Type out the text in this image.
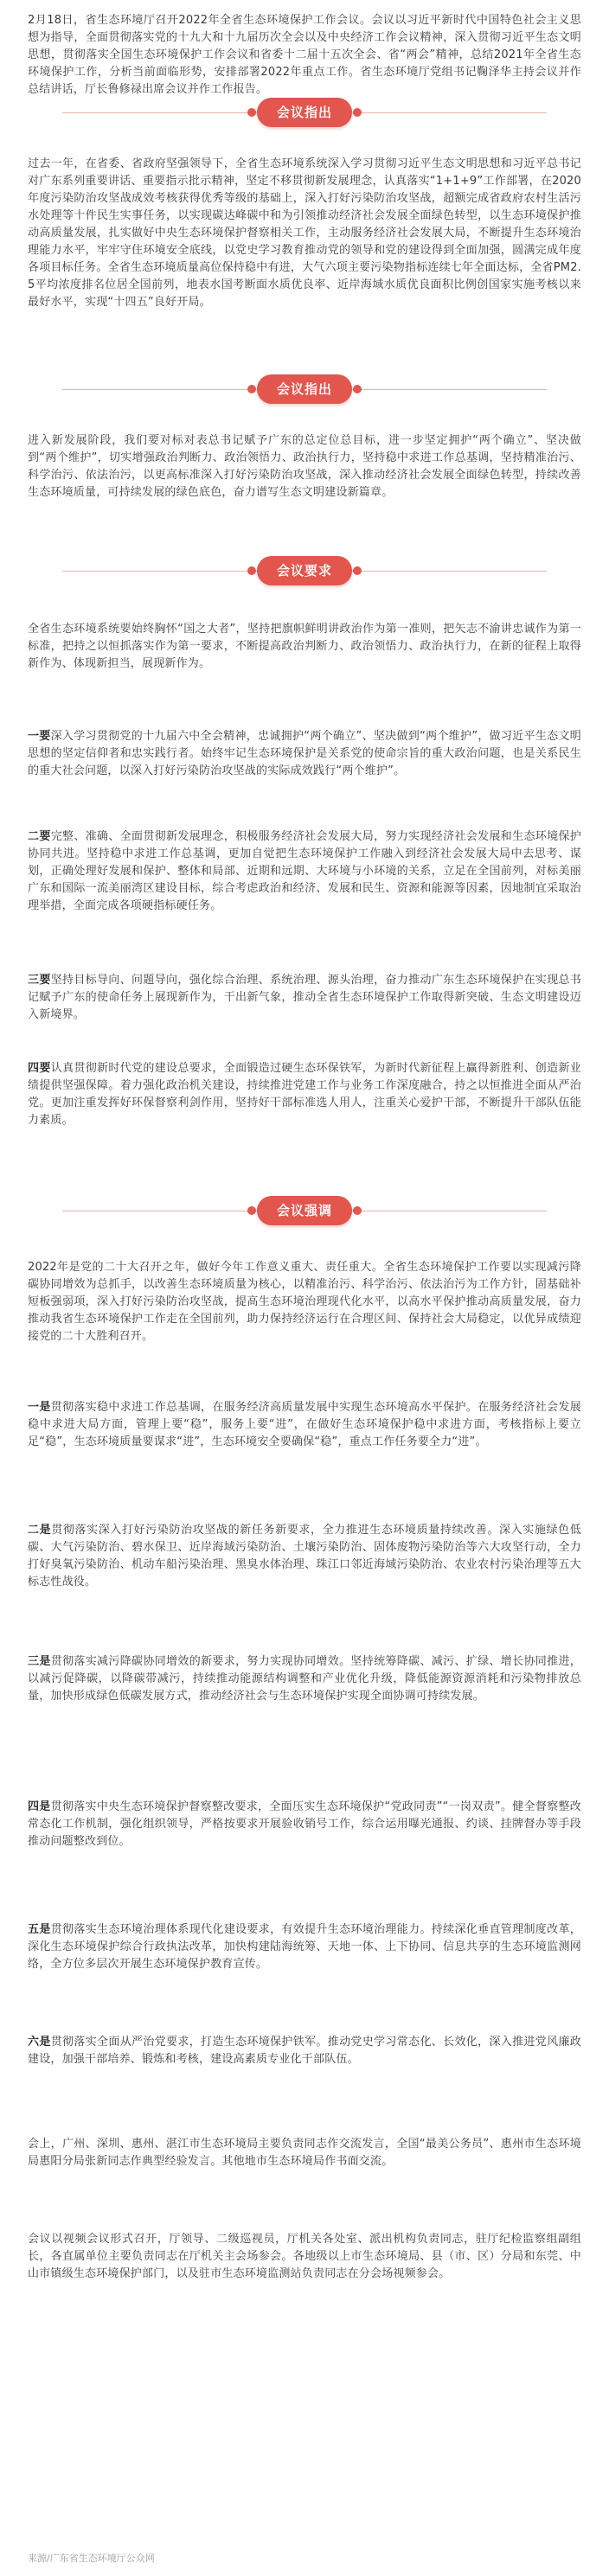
2月18日，省生态环境厅召开2022年全省生态环境保护工作会议。会议以习近平新时代中国特色社会主义思想为指导，全面贯彻落实党的十九大和十九届历次全会以及中央经济工作会议精神，深入贯彻习近平生态文明思想，贯彻落实全国生态环境保护工作会议和省委十二届十五次全会、省“两会”精神，总结2021年全省生态环境保护工作，分析当前面临形势，安排部署2022年重点工作。省生态环境厅党组书记鞠泽华主持会议并作总结讲话，厅长鲁修禄出席会议并作工作报告。

会议指出

过去一年，在省委、省政府坚强领导下，全省生态环境系统深入学习贯彻习近平生态文明思想和习近平总书记对广东系列重要讲话、重要指示批示精神，坚定不移贯彻新发展理念，认真落实“1+1+9”工作部署，在2020年度污染防治攻坚战成效考核获得优秀等级的基础上，深入打好污染防治攻坚战，超额完成省政府农村生活污水处理等十件民生实事任务，以实现碳达峰碳中和为引领推动经济社会发展全面绿色转型，以生态环境保护推动高质量发展，扎实做好中央生态环境保护督察相关工作，主动服务经济社会发展大局，不断提升生态环境治理能力水平，牢牢守住环境安全底线，以党史学习教育推动党的领导和党的建设得到全面加强，圆满完成年度各项目标任务。全省生态环境质量高位保持稳中有进，大气六项主要污染物指标连续七年全面达标，全省PM2.5平均浓度排名位居全国前列，地表水国考断面水质优良率、近岸海域水质优良面积比例创国家实施考核以来最好水平，实现“十四五”良好开局。

会议指出

进入新发展阶段，我们要对标对表总书记赋予广东的总定位总目标，进一步坚定拥护“两个确立”、坚决做到“两个维护”，切实增强政治判断力、政治领悟力、政治执行力，坚持稳中求进工作总基调，坚持精准治污、科学治污、依法治污，以更高标准深入打好污染防治攻坚战，深入推动经济社会发展全面绿色转型，持续改善生态环境质量，可持续发展的绿色底色，奋力谱写生态文明建设新篇章。

会议要求

全省生态环境系统要始终胸怀“国之大者”，坚持把旗帜鲜明讲政治作为第一准则，把矢志不渝讲忠诚作为第一标准，把持之以恒抓落实作为第一要求，不断提高政治判断力、政治领悟力、政治执行力，在新的征程上取得新作为、体现新担当，展现新作为。

一要深入学习贯彻党的十九届六中全会精神，忠诚拥护“两个确立”、坚决做到“两个维护”，做习近平生态文明思想的坚定信仰者和忠实践行者。始终牢记生态环境保护是关系党的使命宗旨的重大政治问题，也是关系民生的重大社会问题，以深入打好污染防治攻坚战的实际成效践行“两个维护”。

二要完整、准确、全面贯彻新发展理念，积极服务经济社会发展大局，努力实现经济社会发展和生态环境保护协同共进。坚持稳中求进工作总基调，更加自觉把生态环境保护工作融入到经济社会发展大局中去思考、谋划，正确处理好发展和保护、整体和局部、近期和远期、大环境与小环境的关系，立足在全国前列，对标美丽广东和国际一流美丽湾区建设目标，综合考虑政治和经济、发展和民生、资源和能源等因素，因地制宜采取治理举措，全面完成各项硬指标硬任务。

三要坚持目标导向、问题导向，强化综合治理、系统治理、源头治理，奋力推动广东生态环境保护在实现总书记赋予广东的使命任务上展现新作为，干出新气象，推动全省生态环境保护工作取得新突破、生态文明建设迈入新境界。

四要认真贯彻新时代党的建设总要求，全面锻造过硬生态环保铁军，为新时代新征程上赢得新胜利、创造新业绩提供坚强保障。着力强化政治机关建设，持续推进党建工作与业务工作深度融合，持之以恒推进全面从严治党。更加注重发挥好环保督察利剑作用，坚持好干部标准选人用人，注重关心爱护干部，不断提升干部队伍能力素质。

会议强调

2022年是党的二十大召开之年，做好今年工作意义重大、责任重大。全省生态环境保护工作要以实现减污降碳协同增效为总抓手，以改善生态环境质量为核心，以精准治污、科学治污、依法治污为工作方针，固基础补短板强弱项，深入打好污染防治攻坚战，提高生态环境治理现代化水平，以高水平保护推动高质量发展，奋力推动我省生态环境保护工作走在全国前列，助力保持经济运行在合理区间、保持社会大局稳定，以优异成绩迎接党的二十大胜利召开。

一是贯彻落实稳中求进工作总基调，在服务经济高质量发展中实现生态环境高水平保护。在服务经济社会发展稳中求进大局方面，管理上要“稳”，服务上要“进”，在做好生态环境保护稳中求进方面，考核指标上要立足“稳”，生态环境质量要谋求“进”，生态环境安全要确保“稳”，重点工作任务要全力“进”。

二是贯彻落实深入打好污染防治攻坚战的新任务新要求，全力推进生态环境质量持续改善。深入实施绿色低碳、大气污染防治、碧水保卫、近岸海域污染防治、土壤污染防治、固体废物污染防治等六大攻坚行动，全力打好臭氧污染防治、机动车船污染治理、黑臭水体治理、珠江口邻近海域污染防治、农业农村污染治理等五大标志性战役。

三是贯彻落实减污降碳协同增效的新要求，努力实现协同增效。坚持统筹降碳、减污、扩绿、增长协同推进，以减污促降碳，以降碳带减污，持续推动能源结构调整和产业优化升级，降低能源资源消耗和污染物排放总量，加快形成绿色低碳发展方式，推动经济社会与生态环境保护实现全面协调可持续发展。

四是贯彻落实中央生态环境保护督察整改要求，全面压实生态环境保护“党政同责”“一岗双责”。健全督察整改常态化工作机制，强化组织领导，严格按要求开展验收销号工作，综合运用曝光通报、约谈、挂牌督办等手段推动问题整改到位。

五是贯彻落实生态环境治理体系现代化建设要求，有效提升生态环境治理能力。持续深化垂直管理制度改革，深化生态环境保护综合行政执法改革，加快构建陆海统筹、天地一体、上下协同、信息共享的生态环境监测网络，全方位多层次开展生态环境保护教育宣传。

六是贯彻落实全面从严治党要求，打造生态环境保护铁军。推动党史学习常态化、长效化，深入推进党风廉政建设，加强干部培养、锻炼和考核，建设高素质专业化干部队伍。

会上，广州、深圳、惠州、湛江市生态环境局主要负责同志作交流发言，全国“最美公务员”、惠州市生态环境局惠阳分局张新同志作典型经验发言。其他地市生态环境局作书面交流。

会议以视频会议形式召开，厅领导、二级巡视员，厅机关各处室、派出机构负责同志，驻厅纪检监察组副组长，各直属单位主要负责同志在厅机关主会场参会。各地级以上市生态环境局、县（市、区）分局和东莞、中山市镇级生态环境保护部门，以及驻市生态环境监测站负责同志在分会场视频参会。

来源/广东省生态环境厅公众网
